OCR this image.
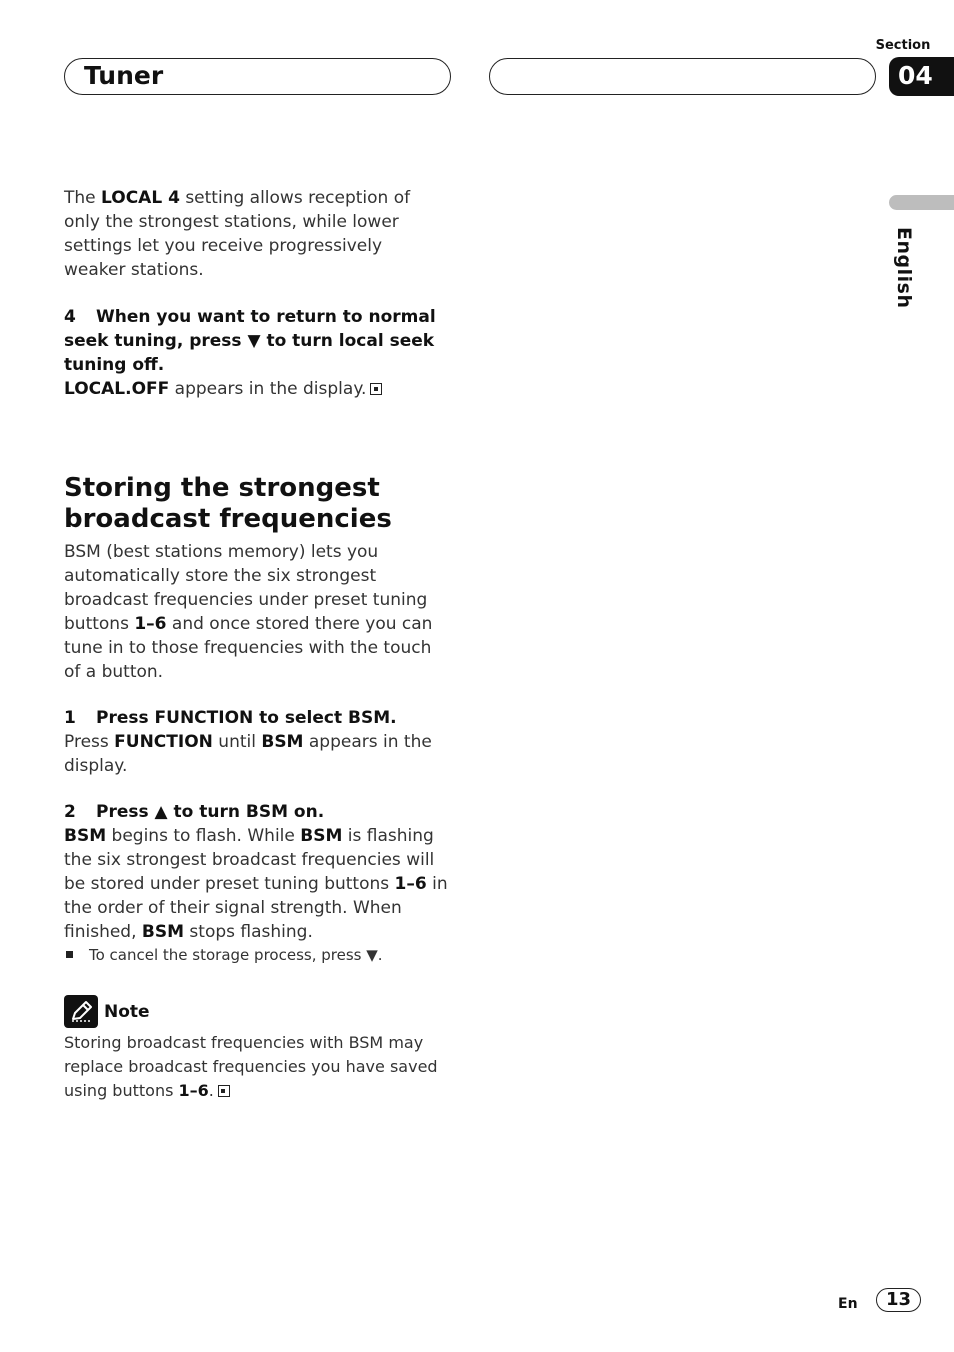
Tuner
Section
04
English

The LOCAL 4 setting allows reception of only the strongest stations, while lower settings let you receive progressively weaker stations.

4 When you want to return to normal seek tuning, press ▼ to turn local seek tuning off.

LOCAL.OFF appears in the display.

Storing the strongest broadcast frequencies

BSM (best stations memory) lets you automatically store the six strongest broadcast frequencies under preset tuning buttons 1–6 and once stored there you can tune in to those frequencies with the touch of a button.

1 Press FUNCTION to select BSM.

Press FUNCTION until BSM appears in the display.

2 Press ▲ to turn BSM on.

BSM begins to flash. While BSM is flashing the six strongest broadcast frequencies will be stored under preset tuning buttons 1–6 in the order of their signal strength. When finished, BSM stops flashing.

To cancel the storage process, press ▼.
Note
Storing broadcast frequencies with BSM may replace broadcast frequencies you have saved using buttons 1–6.
En	13
